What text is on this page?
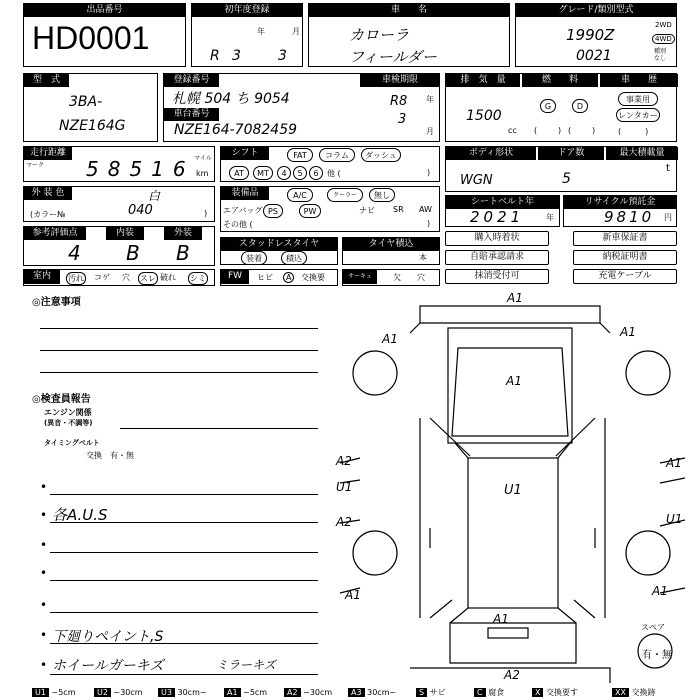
出品番号
HD0001
初年度登録
年	月
R 3	3
車　　名
カローラ
フィールダー
グレード/類別型式
1990Z
0021
2WD
4WD
種別なし
型　式
3BA-
NZE164G
登録番号
札幌 504 ち 9054
車検期限
R8
3
年
月
車台番号
NZE164-7082459
排　気　量	燃　　料	車　　歴
1500
cc
G	D
(	) (	)
事業用
レンタカー
(　　　)
走行距離
マーク 58516 マイル
km
シフト	FAT	コラム	ダッシュ
AT	MT	4	5	6	他 (	)
ボディ形状	ドア数	最大積載量
WGN	5
t
外 装 色	白
(カラー№	040	)
装備品	A/C	クーラー	無し
エアバッグ PS	PW	ナビ SR AW
その他 (	)
シートベルト年
2021	年
リサイクル預託金
9810 円
参考評価点	内装	外装
4 B B	スタッドレスタイヤ
装着	積込
タイヤ積込
本
購入時着状	新車保証書
自賠承認請求	納税証明書
抹消受付可	充電ケーブル
室内	汚れ コゲ 穴 スレ 破れ シミ	FW	ヒビ	A	交換要	サーキュ	欠 穴
◎注意事項
◎検査員報告
エンジン関係
(異音・不調等)
タイミングベルト
交換　有・無
•
• 各A.U.S
•
•
•
• 下廻りペイント,S
• ホイールガーキズ	ミラーキズ
A1
A1	A1
A1
A2
U1
A2
U1
A1
U1
A1	A1
A1
A2
スペア
有・無
U1 ~5cm	U2 ~30cm	U3 30cm~	A1 ~5cm	A2 ~30cm	A3 30cm~	S サビ	C 腐食	X 交換要す	XX 交換跡
